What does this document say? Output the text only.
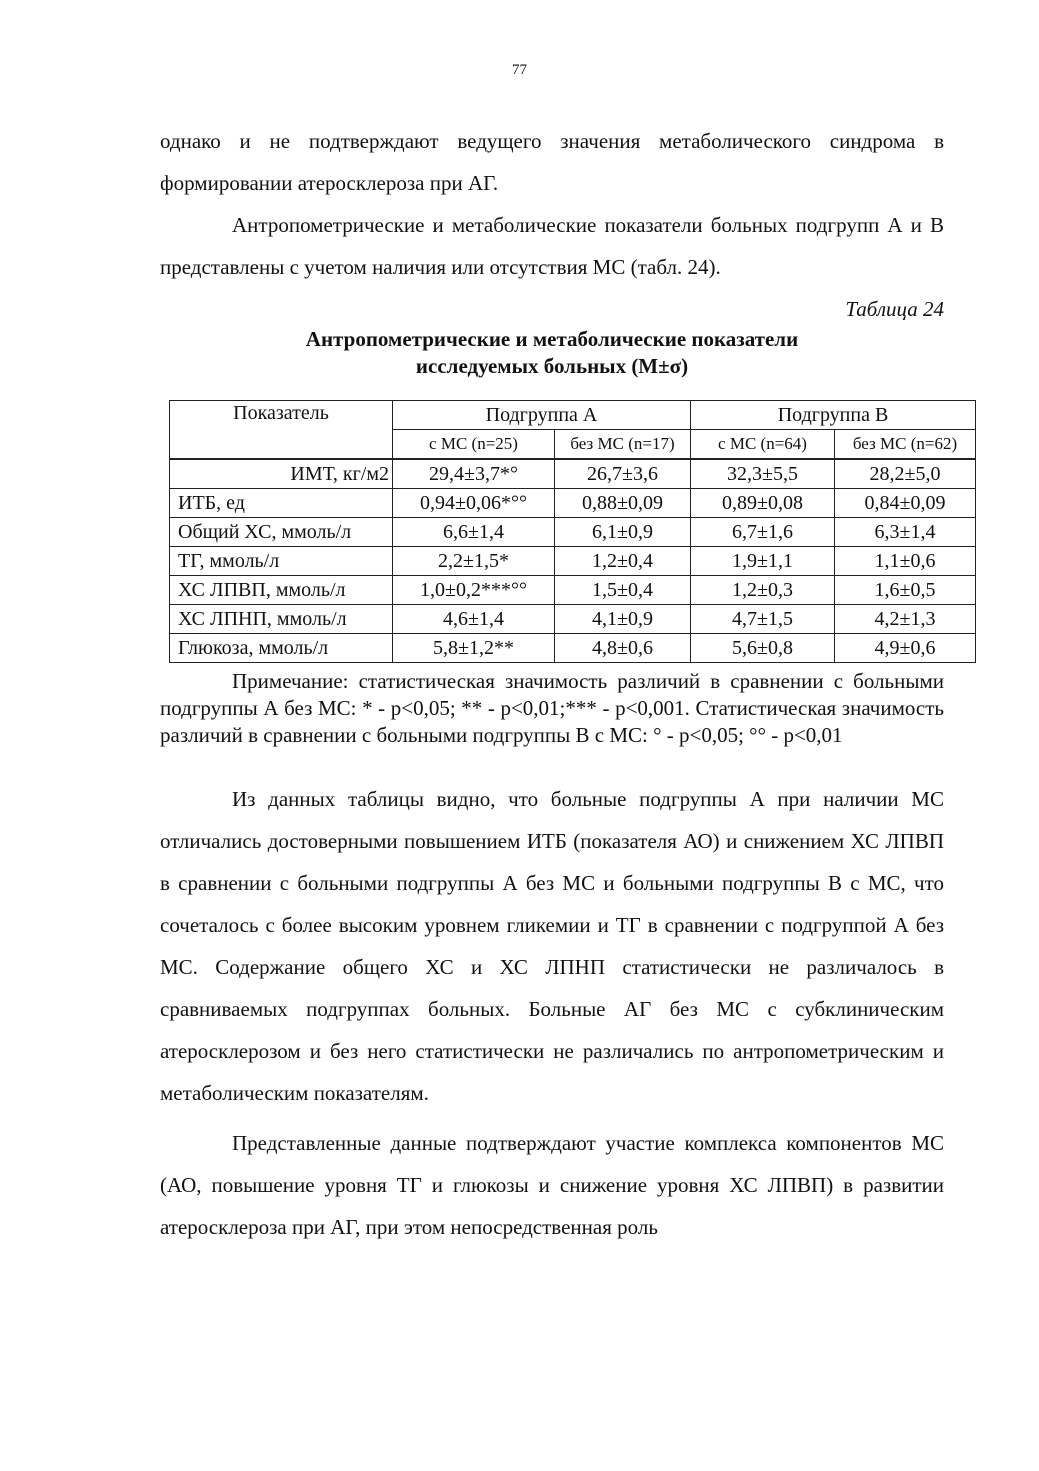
77

однако и не подтверждают ведущего значения метаболического синдрома в формировании атеросклероза при АГ.

Антропометрические и метаболические показатели больных подгрупп А и В представлены с учетом наличия или отсутствия МС (табл. 24).

Таблица 24
Антропометрические и метаболические показатели
исследуемых больных (M±σ)
Показатель	Подгруппа А		Подгруппа В	
	с МС (n=25)	без МС (n=17)	с МС (n=64)	без МС (n=62)
ИМТ, кг/м2	29,4±3,7*°	26,7±3,6	32,3±5,5	28,2±5,0
ИТБ, ед	0,94±0,06*°°	0,88±0,09	0,89±0,08	0,84±0,09
Общий ХС, ммоль/л	6,6±1,4	6,1±0,9	6,7±1,6	6,3±1,4
ТГ, ммоль/л	2,2±1,5*	1,2±0,4	1,9±1,1	1,1±0,6
ХС ЛПВП, ммоль/л	1,0±0,2***°°	1,5±0,4	1,2±0,3	1,6±0,5
ХС ЛПНП, ммоль/л	4,6±1,4	4,1±0,9	4,7±1,5	4,2±1,3
Глюкоза, ммоль/л	5,8±1,2**	4,8±0,6	5,6±0,8	4,9±0,6

Примечание: статистическая значимость различий в сравнении с больными подгруппы А без МС: * - p<0,05; ** - p<0,01;*** - p<0,001. Статистическая значимость различий в сравнении с больными подгруппы В с МС: ° - p<0,05; °° - p<0,01

Из данных таблицы видно, что больные подгруппы А при наличии МС отличались достоверными повышением ИТБ (показателя АО) и снижением ХС ЛПВП в сравнении с больными подгруппы А без МС и больными подгруппы В с МС, что сочеталось с более высоким уровнем гликемии и ТГ в сравнении с подгруппой А без МС. Содержание общего ХС и ХС ЛПНП статистически не различалось в сравниваемых подгруппах больных. Больные АГ без МС с субклиническим атеросклерозом и без него статистически не различались по антропометрическим и метаболическим показателям.

Представленные данные подтверждают участие комплекса компонентов МС (АО, повышение уровня ТГ и глюкозы и снижение уровня ХС ЛПВП) в развитии атеросклероза при АГ, при этом непосредственная роль
